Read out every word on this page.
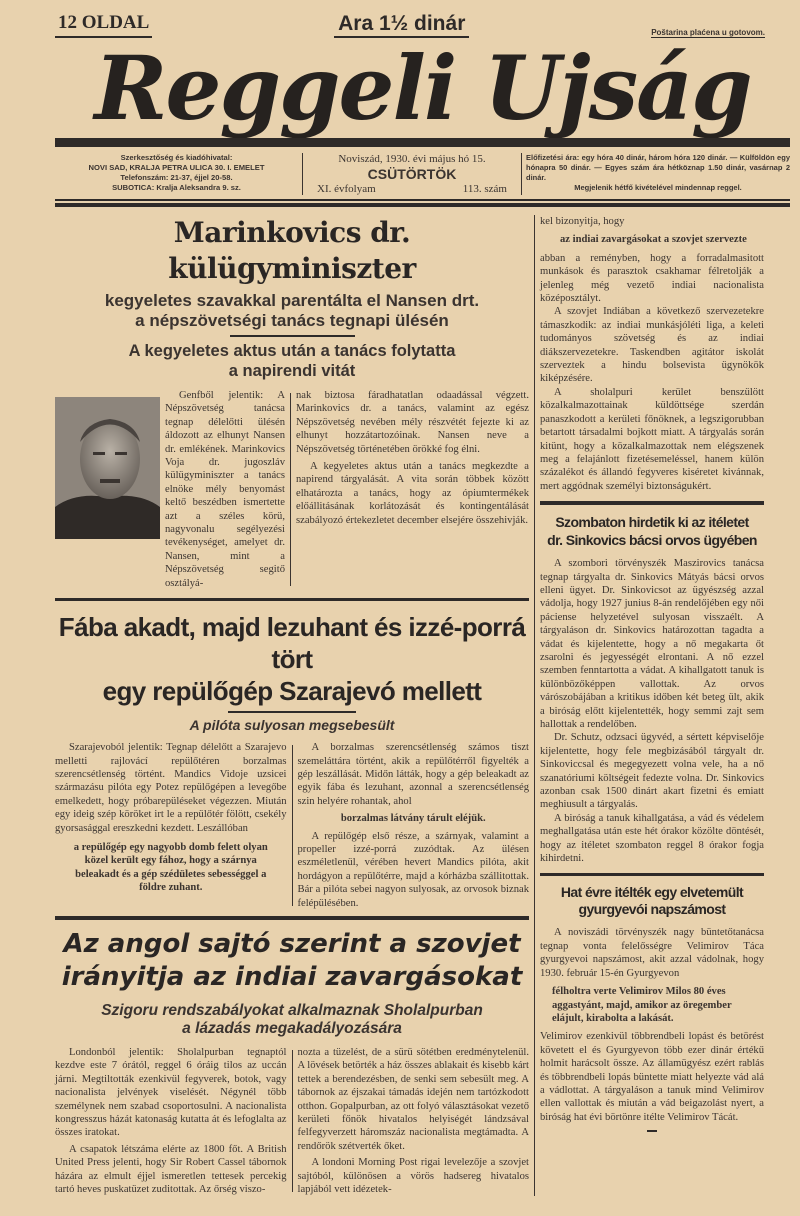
12 OLDAL	Ara 1½ dinár	Poštarina plaćena u gotovom.
Reggeli Ujság
Szerkesztőség és kiadóhivatal:
NOVI SAD, KRALJA PETRA ULICA 30. I. EMELET
Telefonszám: 21-37, éjjel 20-58.
SUBOTICA: Kralja Aleksandra 9. sz.
Noviszád, 1930. évi május hó 15.
CSÜTÖRTÖK
XI. évfolyam	113. szám
Előfizetési ára: egy hóra 40 dinár, három hóra 120 dinár. — Külföldön egy hónapra 50 dinár. — Egyes szám ára hétköznap 1.50 dinár, vasárnap 2 dinár.
Megjelenik hétfő kivételével mindennap reggel.
Marinkovics dr. külügyminiszter
kegyeletes szavakkal parentálta el Nansen drt.
a népszövetségi tanács tegnapi ülésén
A kegyeletes aktus után a tanács folytatta
a napirendi vitát

Genfből jelentik: A Népszövetség tanácsa tegnap délelőtti ülésén áldozott az elhunyt Nansen dr. emlékének. Marinkovics Voja dr. jugoszláv külügyminiszter a tanács elnöke mély benyomást keltő beszédben ismertette azt a széles körü, nagyvonalu segélyezési tevékenységet, amelyet dr. Nansen, mint a Népszövetség segitő osztályá-

nak biztosa fáradhatatlan odaadással végzett. Marinkovics dr. a tanács, valamint az egész Népszövetség nevében mély részvétét fejezte ki az elhunyt hozzátartozóinak. Nansen neve a Népszövetség történetében örökké fog élni.

A kegyeletes aktus után a tanács megkezdte a napirend tárgyalását. A vita során többek között elhatározta a tanács, hogy az ópiumtermékek előállitásának korlátozását és kontingentálását szabályozó értekezletet december elsejére összehivják.

Fába akadt, majd lezuhant és izzé-porrá tört
egy repülőgép Szarajevó mellett
A pilóta sulyosan megsebesült

Szarajevoból jelentik: Tegnap délelőtt a Szarajevo melletti rajlovácí repülőtéren borzalmas szerencsétlenség történt. Mandics Vidoje uzsicei származásu pilóta egy Potez repülőgépen a levegőbe emelkedett, hogy próbarepüléseket végezzen. Miután egy ideig szép köröket irt le a repülőtér fölött, csekély gyorsasággal ereszkedni kezdett. Leszállóban

a repülőgép egy nagyobb domb felett olyan közel került egy fához, hogy a szárnya beleakadt és a gép szédületes sebességgel a földre zuhant.

A borzalmas szerencsétlenség számos tiszt szemeláttára történt, akik a repülőtérről figyelték a gép leszállását. Midőn látták, hogy a gép beleakadt az egyik fába és lezuhant, azonnal a szerencsétlenség szin helyére rohantak, ahol

borzalmas látvány tárult eléjük.

A repülőgép első része, a szárnyak, valamint a propeller izzé-porrá zuzódtak. Az ülésen eszméletlenül, vérében hevert Mandics pilóta, akit hordágyon a repülőtérre, majd a kórházba szállitottak. Bár a pilóta sebei nagyon sulyosak, az orvosok biznak felépülésében.

Az angol sajtó szerint a szovjet
irányitja az indiai zavargásokat
Szigoru rendszabályokat alkalmaznak Sholalpurban
a lázadás megakadályozására

Londonból jelentik: Sholalpurban tegnaptól kezdve este 7 órától, reggel 6 óráig tilos az uccán járni. Megtiltották ezenkivül fegyverek, botok, vagy nacionalista jelvények viselését. Négynél több személynek nem szabad csoportosulni. A nacionalista kongresszus házát katonaság kutatta át és lefoglalta az összes iratokat.

A csapatok létszáma elérte az 1800 főt. A British United Press jelenti, hogy Sir Robert Cassel tábornok házára az elmult éjjel ismeretlen tettesek percekig tartó heves puskatüzet zuditottak. Az őrség viszo-

nozta a tüzelést, de a sürü sötétben eredménytelenül. A lövések betörték a ház összes ablakait és kisebb kárt tettek a berendezésben, de senki sem sebesült meg. A tábornok az éjszakai támadás idején nem tartózkodott otthon. Gopalpurban, az ott folyó választásokat vezető kerületi főnök hivatalos helyiségét lándzsával felfegyverzett háromszáz nacionalista megtámadta. A rendőrök szétverték őket.

A londoni Morning Post rigai levelezője a szovjet sajtóból, különösen a vörös hadsereg hivatalos lapjából vett idézetek-

kel bizonyitja, hogy

az indiai zavargásokat a szovjet szervezte

abban a reményben, hogy a forradalmasitott munkások és parasztok csakhamar félretolják a jelenleg még vezető indiai nacionalista középosztályt.

A szovjet Indiában a következő szervezetekre támaszkodik: az indiai munkásjóléti liga, a keleti tudományos szövetség és az indiai diákszervezetekre. Taskendben agitátor iskolát szerveztek a hindu bolsevista ügynökök kiképzésére.

A sholalpuri kerület benszülött közalkalmazottainak küldöttsége szerdán panaszkodott a kerületi főnöknek, a legszigorubban betartott társadalmi bojkott miatt. A tárgyalás során kitünt, hogy a közalkalmazottak nem elégszenek meg a felajánlott fizetésemeléssel, hanem külön százalékot és állandó fegyveres kiséretet kivánnak, mert aggódnak személyi biztonságukért.

Szombaton hirdetik ki az itéletet
dr. Sinkovics bácsi orvos ügyében

A szombori törvényszék Maszirovics tanácsa tegnap tárgyalta dr. Sinkovics Mátyás bácsi orvos elleni ügyet. Dr. Sinkovicsot az ügyészség azzal vádolja, hogy 1927 junius 8-án rendelőjében egy női páciense helyzetével sulyosan visszaélt. A tárgyaláson dr. Sinkovics határozottan tagadta a vádat és kijelentette, hogy a nő megakarta őt zsarolni és jegyességét elrontani. A nő ezzel szemben fenntartotta a vádat. A kihallgatott tanuk is különbözőképpen vallottak. Az orvos várószobájában a kritikus időben két beteg ült, akik a biróság előtt kijelentették, hogy semmi zajt sem hallottak a rendelőben.

Dr. Schutz, odzsaci ügyvéd, a sértett képviselője kijelentette, hogy fele megbizásából tárgyalt dr. Sinkoviccsal és megegyezett volna vele, ha a nő szanatóriumi költségeit fedezte volna. Dr. Sinkovics azonban csak 1500 dinárt akart fizetni és emiatt meghiusult a tárgyalás.

A biróság a tanuk kihallgatása, a vád és védelem meghallgatása után este hét órakor közölte döntését, hogy az itéletet szombaton reggel 8 órakor fogja kihirdetni.

Hat évre itélték egy elvetemült
gyurgyevói napszámost

A noviszádi törvényszék nagy büntetőtanácsa tegnap vonta felelősségre Velimirov Táca gyurgyevoi napszámost, akit azzal vádolnak, hogy 1930. február 15-én Gyurgyevon

félholtra verte Velimirov Milos 80 éves aggastyánt, majd, amikor az öregember elájult, kirabolta a lakását.

Velimirov ezenkivül többrendbeli lopást és betörést követett el és Gyurgyevon több ezer dinár értékű holmit harácsolt össze. Az államügyész ezért rablás és többrendbeli lopás büntette miatt helyezte vád alá a vádlottat. A tárgyaláson a tanuk mind Velimirov ellen vallottak és miután a vád beigazolást nyert, a biróság hat évi börtönre itélte Velimirov Tácát.
